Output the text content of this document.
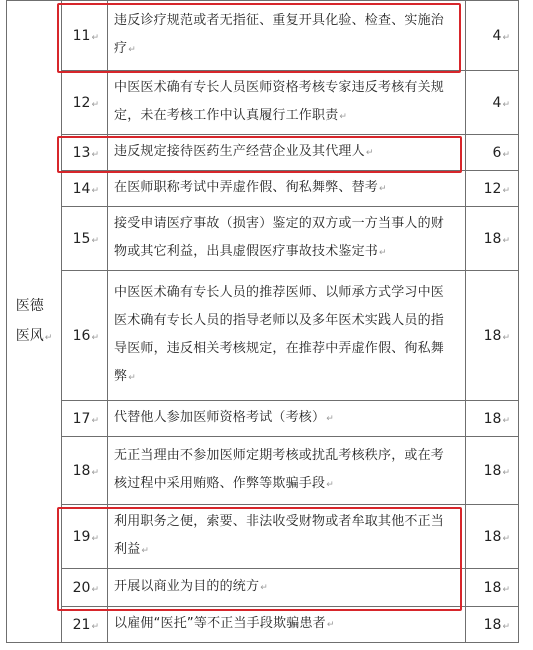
医德
医风↵	11↵	违反诊疗规范或者无指征、重复开具化验、检查、实施治疗↵	4↵
	12↵	中医医术确有专长人员医师资格考核专家违反考核有关规定，未在考核工作中认真履行工作职责↵	4↵
	13↵	违反规定接待医药生产经营企业及其代理人↵	6↵
	14↵	在医师职称考试中弄虚作假、徇私舞弊、替考↵	12↵
	15↵	接受申请医疗事故（损害）鉴定的双方或一方当事人的财物或其它利益，出具虚假医疗事故技术鉴定书↵	18↵
	16↵	中医医术确有专长人员的推荐医师、以师承方式学习中医医术确有专长人员的指导老师以及多年医术实践人员的指导医师，违反相关考核规定，在推荐中弄虚作假、徇私舞弊↵	18↵
	17↵	代替他人参加医师资格考试（考核）↵	18↵
	18↵	无正当理由不参加医师定期考核或扰乱考核秩序，或在考核过程中采用贿赂、作弊等欺骗手段↵	18↵
	19↵	利用职务之便，索要、非法收受财物或者牟取其他不正当利益↵	18↵
	20↵	开展以商业为目的的统方↵	18↵
	21↵	以雇佣“医托”等不正当手段欺骗患者↵	18↵
